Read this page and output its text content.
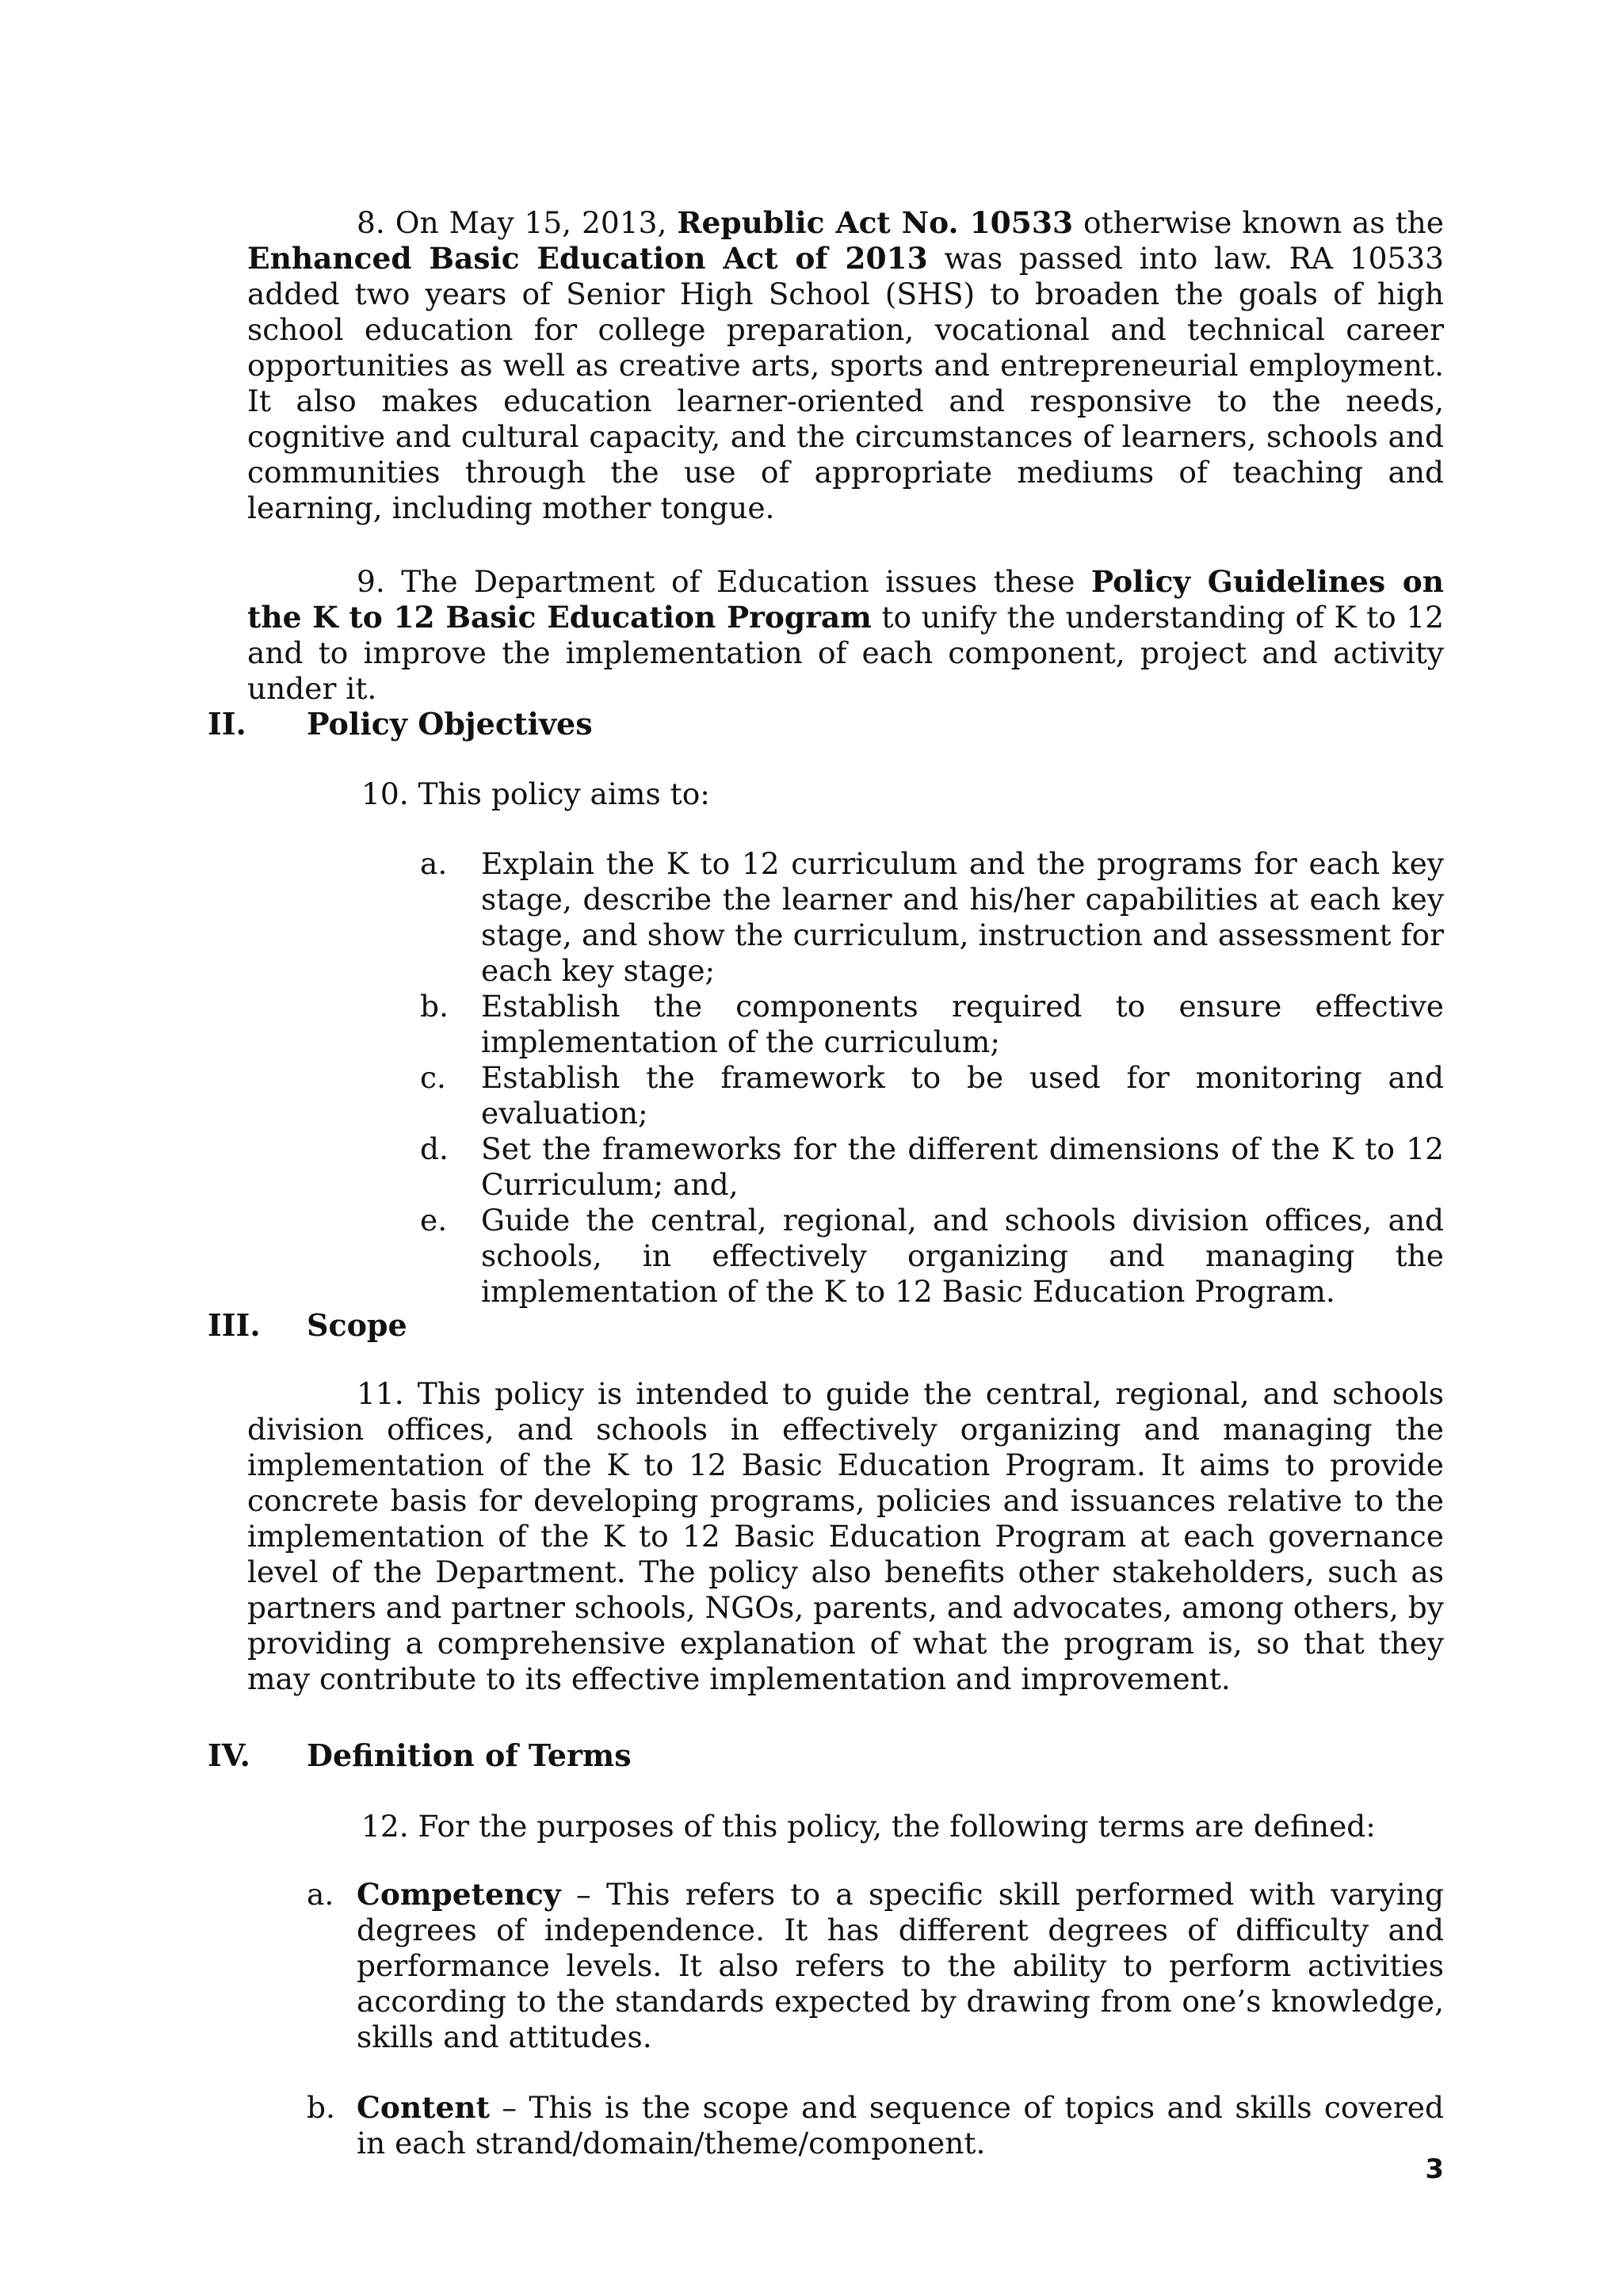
8. On May 15, 2013, Republic Act No. 10533 otherwise known as the Enhanced Basic Education Act of 2013 was passed into law. RA 10533 added two years of Senior High School (SHS) to broaden the goals of high school education for college preparation, vocational and technical career opportunities as well as creative arts, sports and entrepreneurial employment. It also makes education learner-oriented and responsive to the needs, cognitive and cultural capacity, and the circumstances of learners, schools and communities through the use of appropriate mediums of teaching and learning, including mother tongue.

9. The Department of Education issues these Policy Guidelines on the K to 12 Basic Education Program to unify the understanding of K to 12 and to improve the implementation of each component, project and activity under it.

II. Policy Objectives
10. This policy aims to:

a. Explain the K to 12 curriculum and the programs for each key stage, describe the learner and his/her capabilities at each key stage, and show the curriculum, instruction and assessment for each key stage;

b. Establish the components required to ensure effective implementation of the curriculum;

c. Establish the framework to be used for monitoring and evaluation;

d. Set the frameworks for the different dimensions of the K to 12 Curriculum; and,

e. Guide the central, regional, and schools division offices, and schools, in effectively organizing and managing the implementation of the K to 12 Basic Education Program.

III. Scope

11. This policy is intended to guide the central, regional, and schools division offices, and schools in effectively organizing and managing the implementation of the K to 12 Basic Education Program. It aims to provide concrete basis for developing programs, policies and issuances relative to the implementation of the K to 12 Basic Education Program at each governance level of the Department. The policy also benefits other stakeholders, such as partners and partner schools, NGOs, parents, and advocates, among others, by providing a comprehensive explanation of what the program is, so that they may contribute to its effective implementation and improvement.

IV. Definition of Terms
12. For the purposes of this policy, the following terms are defined:

a. Competency – This refers to a specific skill performed with varying degrees of independence. It has different degrees of difficulty and performance levels. It also refers to the ability to perform activities according to the standards expected by drawing from one’s knowledge, skills and attitudes.

b. Content – This is the scope and sequence of topics and skills covered in each strand/domain/theme/component.

3
